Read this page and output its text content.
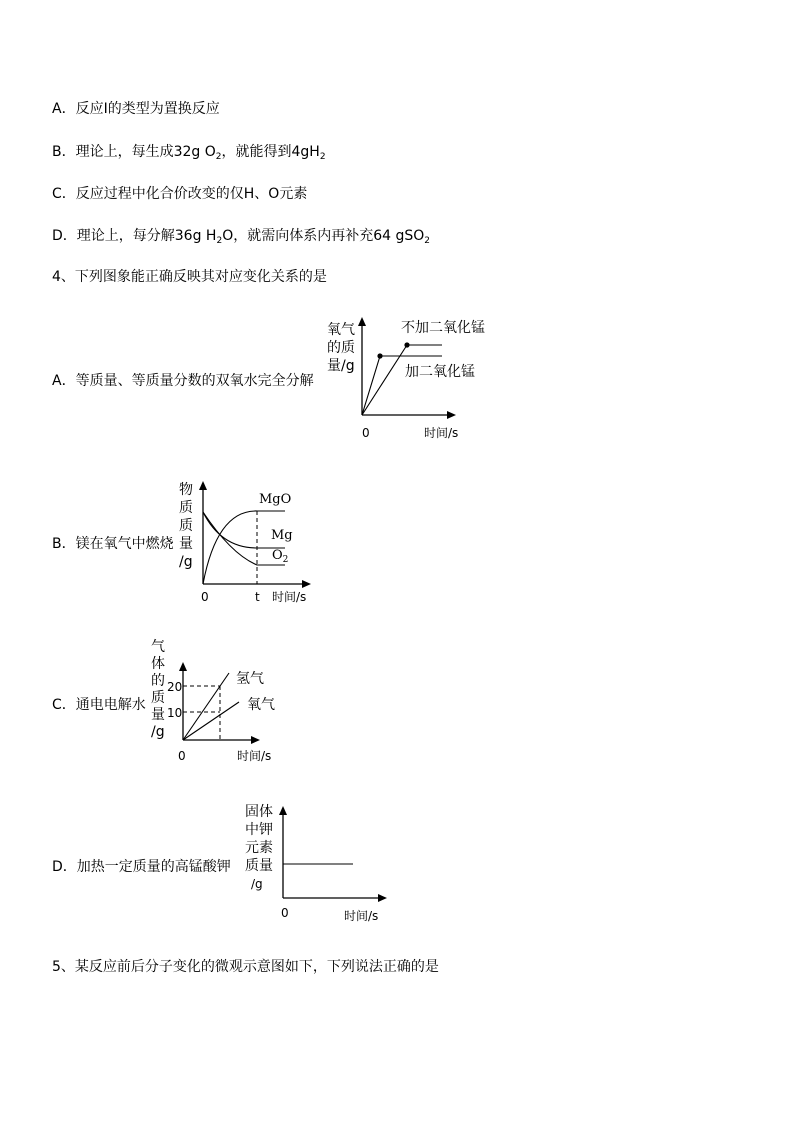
A．反应Ⅰ的类型为置换反应
B．理论上，每生成32g $O_2$，就能得到$4gH_2$
C．反应过程中化合价改变的仅H、O元素
D．理论上，每分解36g $H_2O$，就需向体系内再补充64 gSO$_2$
4、下列图象能正确反映其对应变化关系的是
A．等质量、等质量分数的双氧水完全分解
氧气
的质
量/g
不加二氧化锰
加二氧化锰
0	时间/s
B．镁在氧气中燃烧
物
质
质
量
/g
MgO
Mg
$O_2$
0	t 时间/s
C．通电电解水
气
体
的
质
量
/g
20
10
氢气
氧气
0	时间/s
D．加热一定质量的高锰酸钾
固体
中钾
元素
质量
/g
0	时间/s
5、某反应前后分子变化的微观示意图如下，下列说法正确的是
